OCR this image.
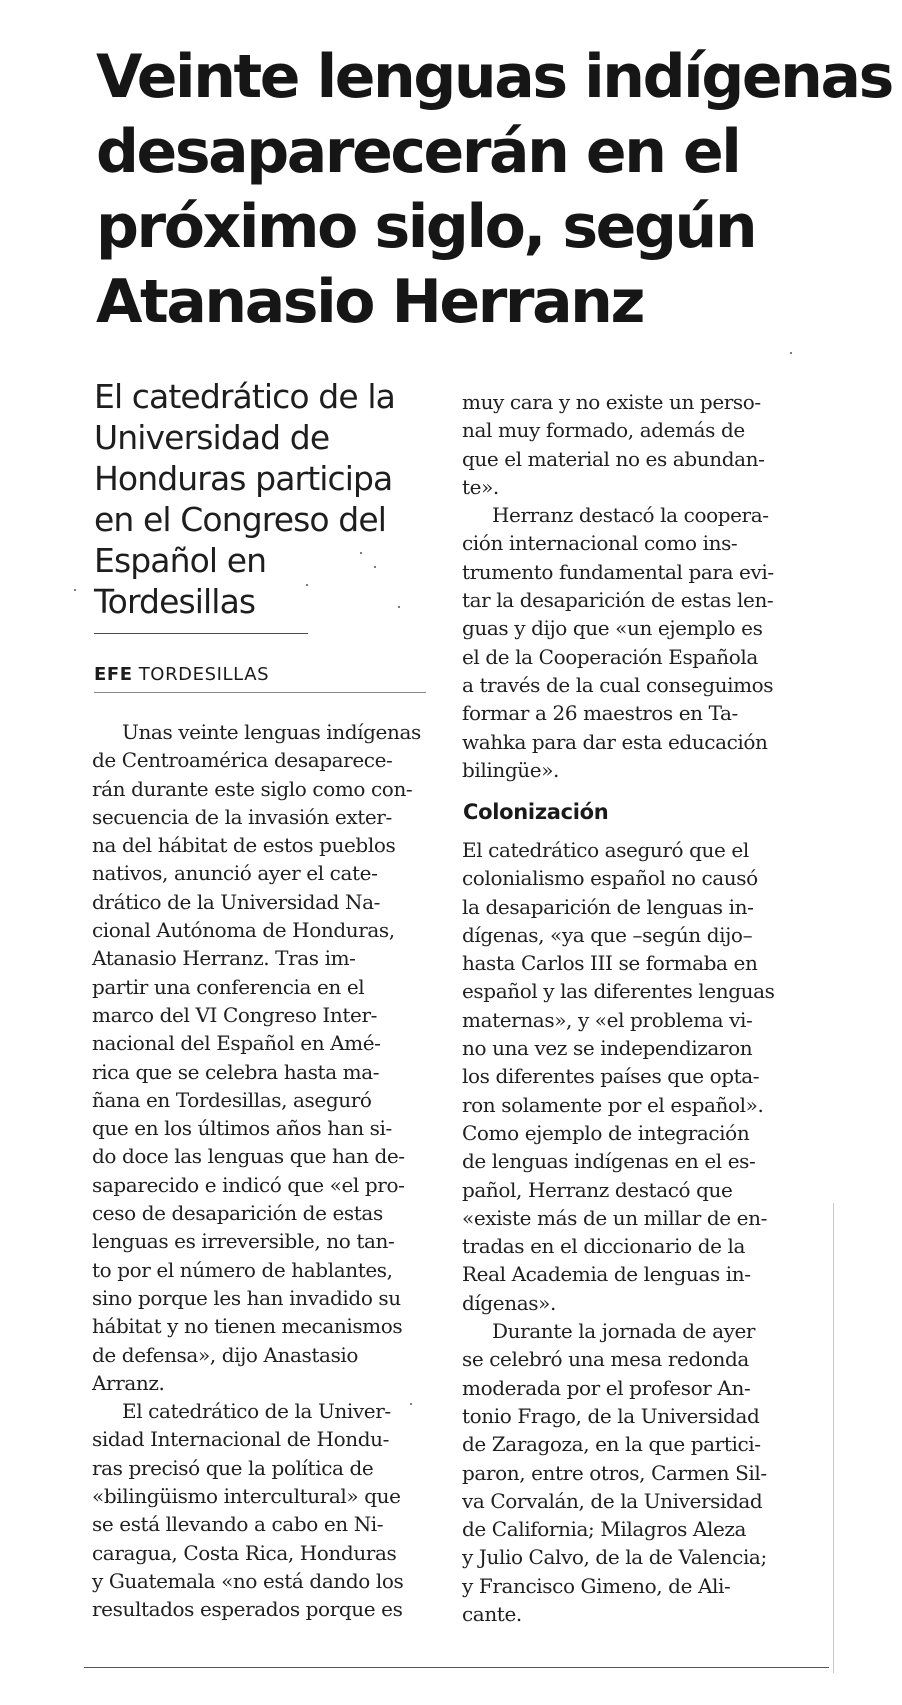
Veinte lenguas indígenas
desaparecerán en el
próximo siglo, según
Atanasio Herranz
El catedrático de la
Universidad de
Honduras participa
en el Congreso del
Español en
Tordesillas
EFE TORDESILLAS
Unas veinte lenguas indígenas
de Centroamérica desaparece-
rán durante este siglo como con-
secuencia de la invasión exter-
na del hábitat de estos pueblos
nativos, anunció ayer el cate-
drático de la Universidad Na-
cional Autónoma de Honduras,
Atanasio Herranz. Tras im-
partir una conferencia en el
marco del VI Congreso Inter-
nacional del Español en Amé-
rica que se celebra hasta ma-
ñana en Tordesillas, aseguró
que en los últimos años han si-
do doce las lenguas que han de-
saparecido e indicó que «el pro-
ceso de desaparición de estas
lenguas es irreversible, no tan-
to por el número de hablantes,
sino porque les han invadido su
hábitat y no tienen mecanismos
de defensa», dijo Anastasio
Arranz.
El catedrático de la Univer-
sidad Internacional de Hondu-
ras precisó que la política de
«bilingüismo intercultural» que
se está llevando a cabo en Ni-
caragua, Costa Rica, Honduras
y Guatemala «no está dando los
resultados esperados porque es
muy cara y no existe un perso-
nal muy formado, además de
que el material no es abundan-
te».
Herranz destacó la coopera-
ción internacional como ins-
trumento fundamental para evi-
tar la desaparición de estas len-
guas y dijo que «un ejemplo es
el de la Cooperación Española
a través de la cual conseguimos
formar a 26 maestros en Ta-
wahka para dar esta educación
bilingüe».
Colonización
El catedrático aseguró que el
colonialismo español no causó
la desaparición de lenguas in-
dígenas, «ya que –según dijo–
hasta Carlos III se formaba en
español y las diferentes lenguas
maternas», y «el problema vi-
no una vez se independizaron
los diferentes países que opta-
ron solamente por el español».
Como ejemplo de integración
de lenguas indígenas en el es-
pañol, Herranz destacó que
«existe más de un millar de en-
tradas en el diccionario de la
Real Academia de lenguas in-
dígenas».
Durante la jornada de ayer
se celebró una mesa redonda
moderada por el profesor An-
tonio Frago, de la Universidad
de Zaragoza, en la que partici-
paron, entre otros, Carmen Sil-
va Corvalán, de la Universidad
de California; Milagros Aleza
y Julio Calvo, de la de Valencia;
y Francisco Gimeno, de Ali-
cante.
